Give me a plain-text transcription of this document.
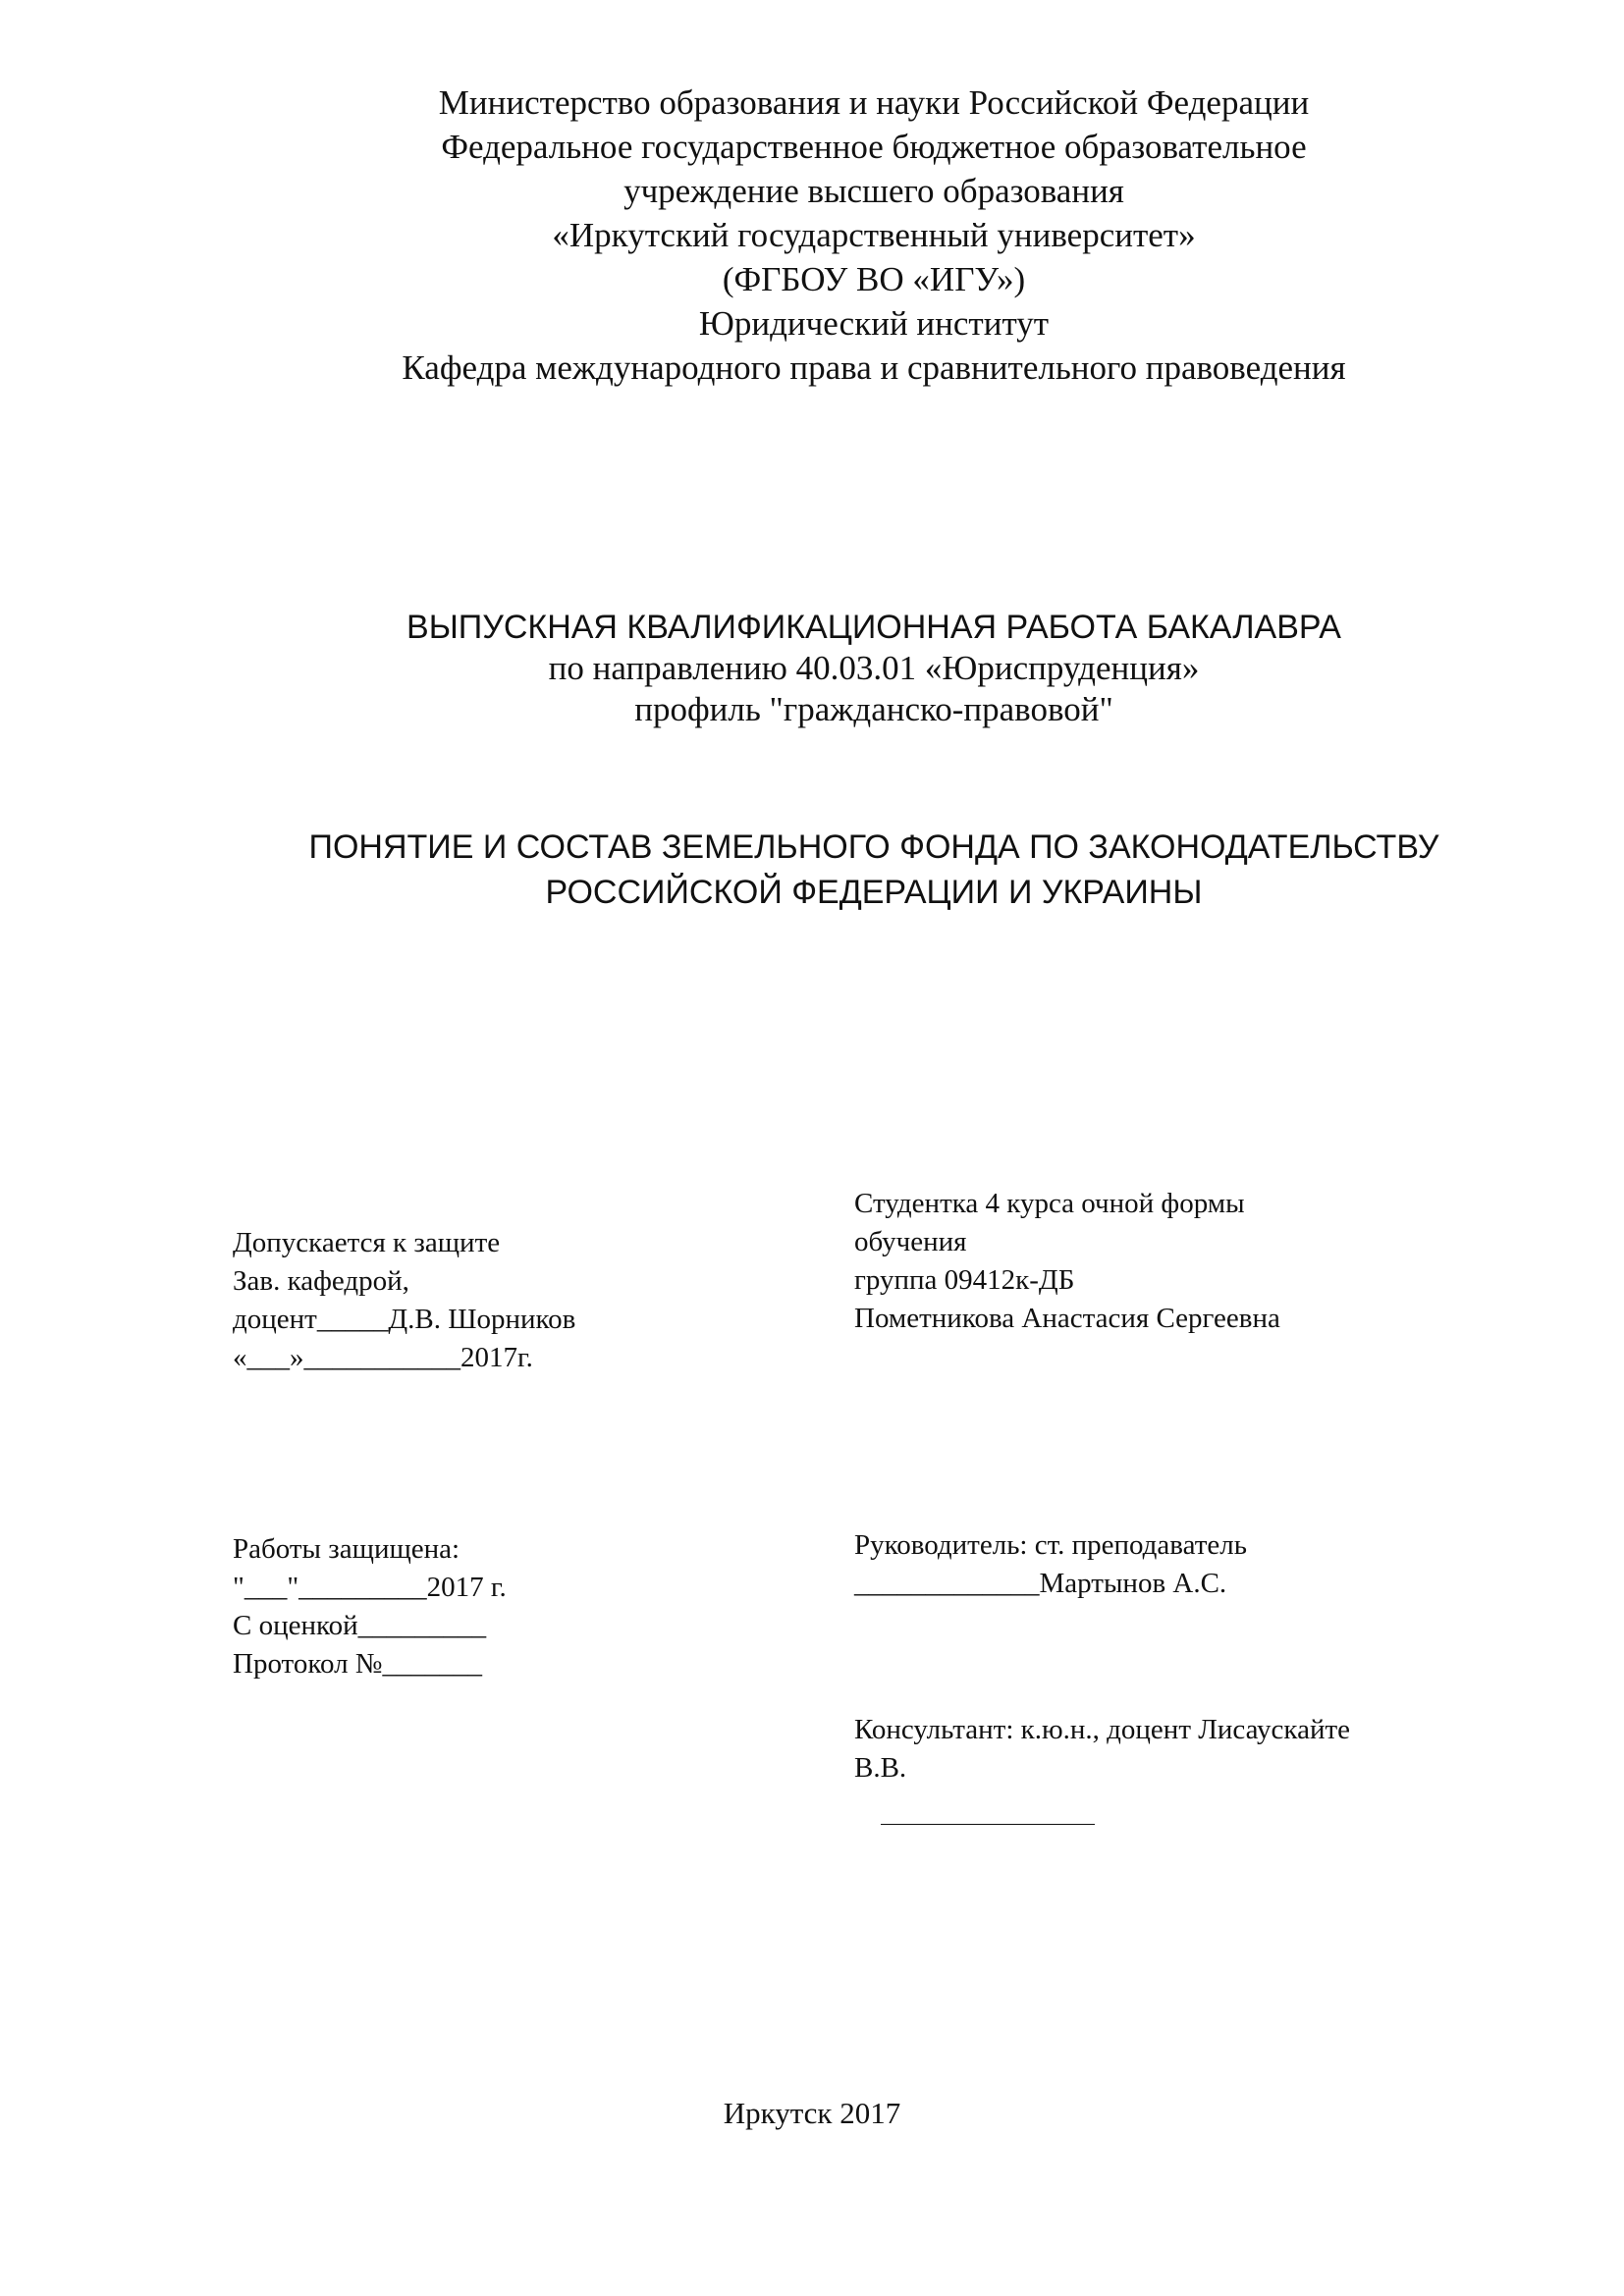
Министерство образования и науки Российской Федерации
Федеральное государственное бюджетное образовательное
учреждение высшего образования
«Иркутский государственный университет»
(ФГБОУ ВО «ИГУ»)
Юридический институт
Кафедра международного права и сравнительного правоведения
ВЫПУСКНАЯ КВАЛИФИКАЦИОННАЯ РАБОТА БАКАЛАВРА
по направлению 40.03.01 «Юриспруденция»
профиль "гражданско-правовой"
ПОНЯТИЕ И СОСТАВ ЗЕМЕЛЬНОГО ФОНДА ПО ЗАКОНОДАТЕЛЬСТВУ
РОССИЙСКОЙ ФЕДЕРАЦИИ И УКРАИНЫ
Студентка 4 курса очной формы
обучения
группа 09412к-ДБ
Пометникова Анастасия Сергеевна
Допускается к защите
Зав. кафедрой,
доцент_____Д.В. Шорников
«___»___________2017г.
Работы защищена:
"___"_________2017 г.
С оценкой_________
Протокол №_______
Руководитель: ст. преподаватель
_____________Мартынов А.С.
Консультант: к.ю.н., доцент Лисаускайте
В.В.
Иркутск 2017
